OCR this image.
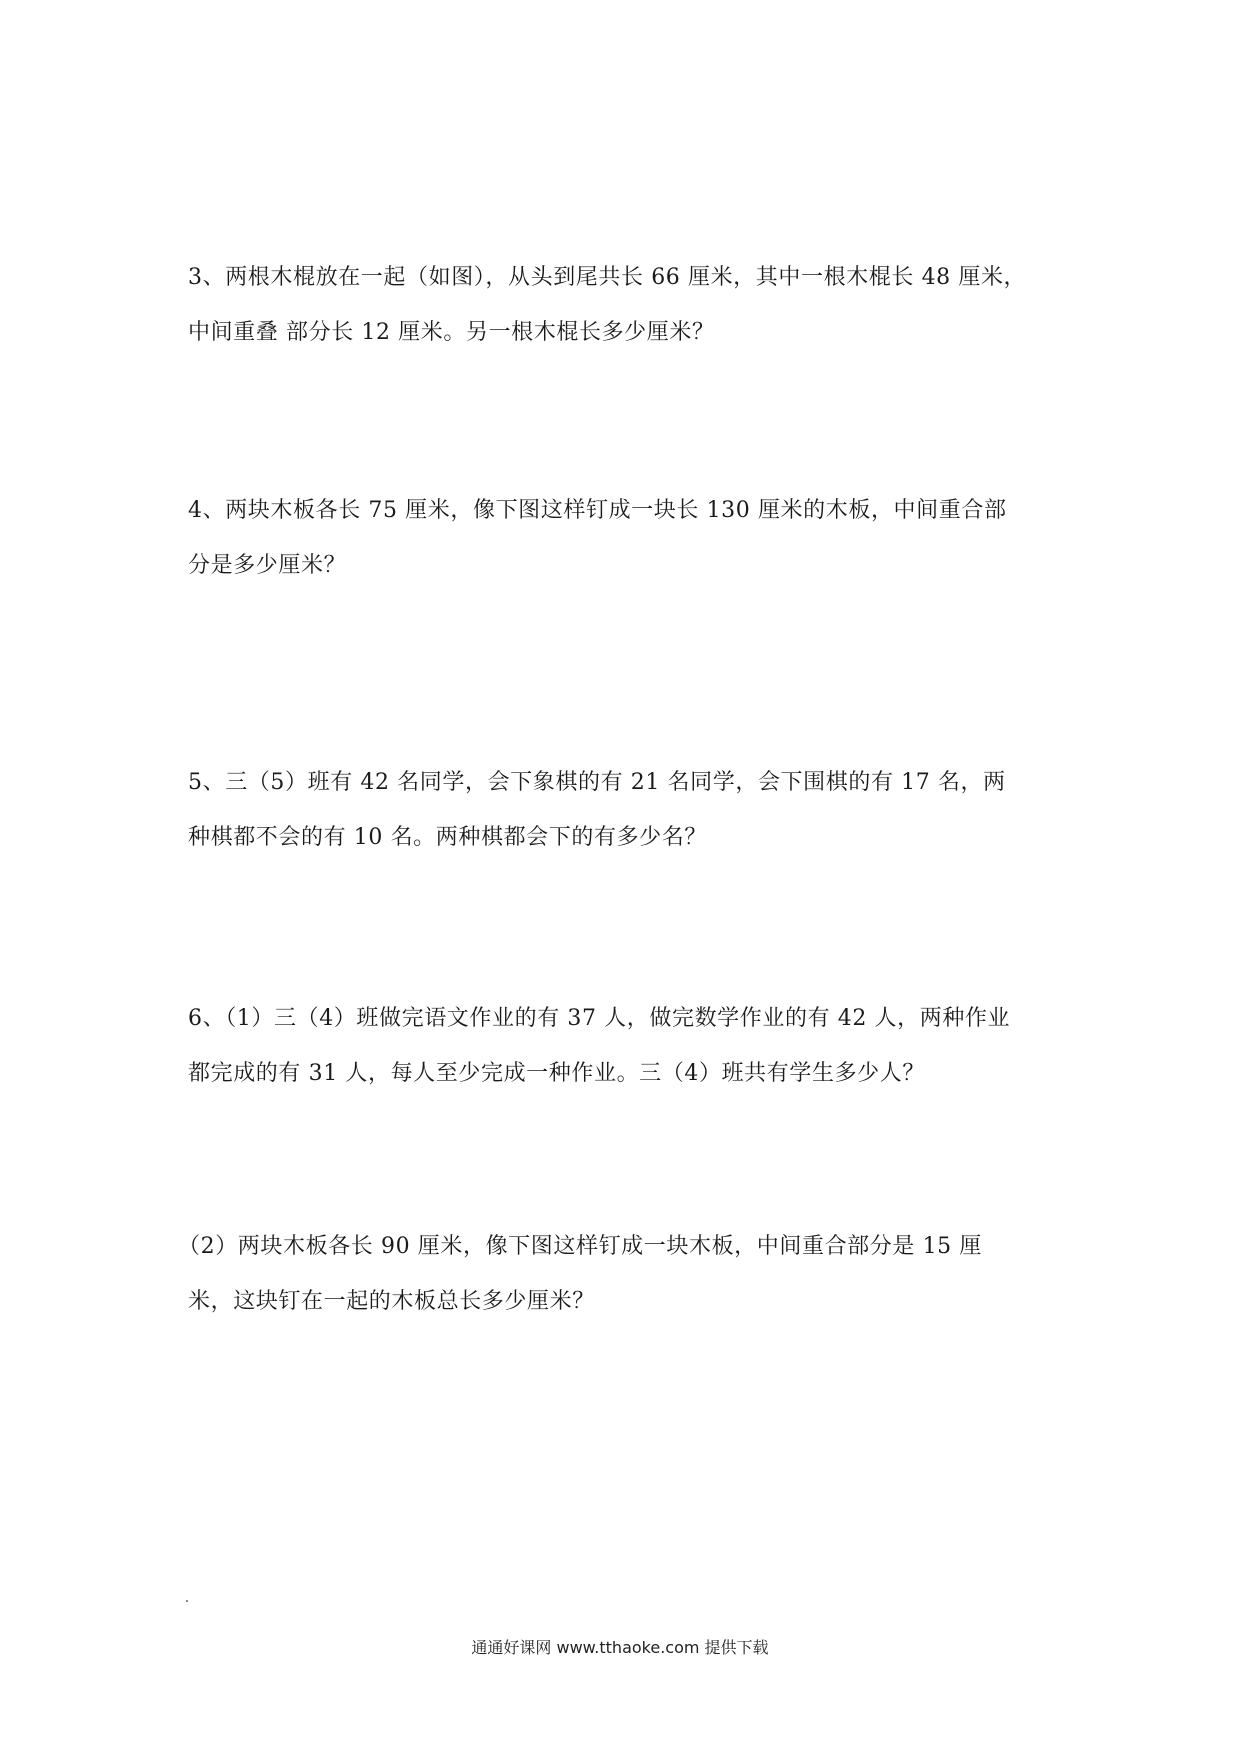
3、两根木棍放在一起（如图），从头到尾共长 66 厘米，其中一根木棍长 48 厘米，
中间重叠 部分长 12 厘米。另一根木棍长多少厘米？
4、两块木板各长 75 厘米，像下图这样钉成一块长 130 厘米的木板，中间重合部
分是多少厘米？
5、三（5）班有 42 名同学，会下象棋的有 21 名同学，会下围棋的有 17 名，两
种棋都不会的有 10 名。两种棋都会下的有多少名？
6、（1）三（4）班做完语文作业的有 37 人，做完数学作业的有 42 人，两种作业
都完成的有 31 人，每人至少完成一种作业。三（4）班共有学生多少人？
（2）两块木板各长 90 厘米，像下图这样钉成一块木板，中间重合部分是 15 厘
米，这块钉在一起的木板总长多少厘米？
通通好课网 www.tthaoke.com 提供下载
